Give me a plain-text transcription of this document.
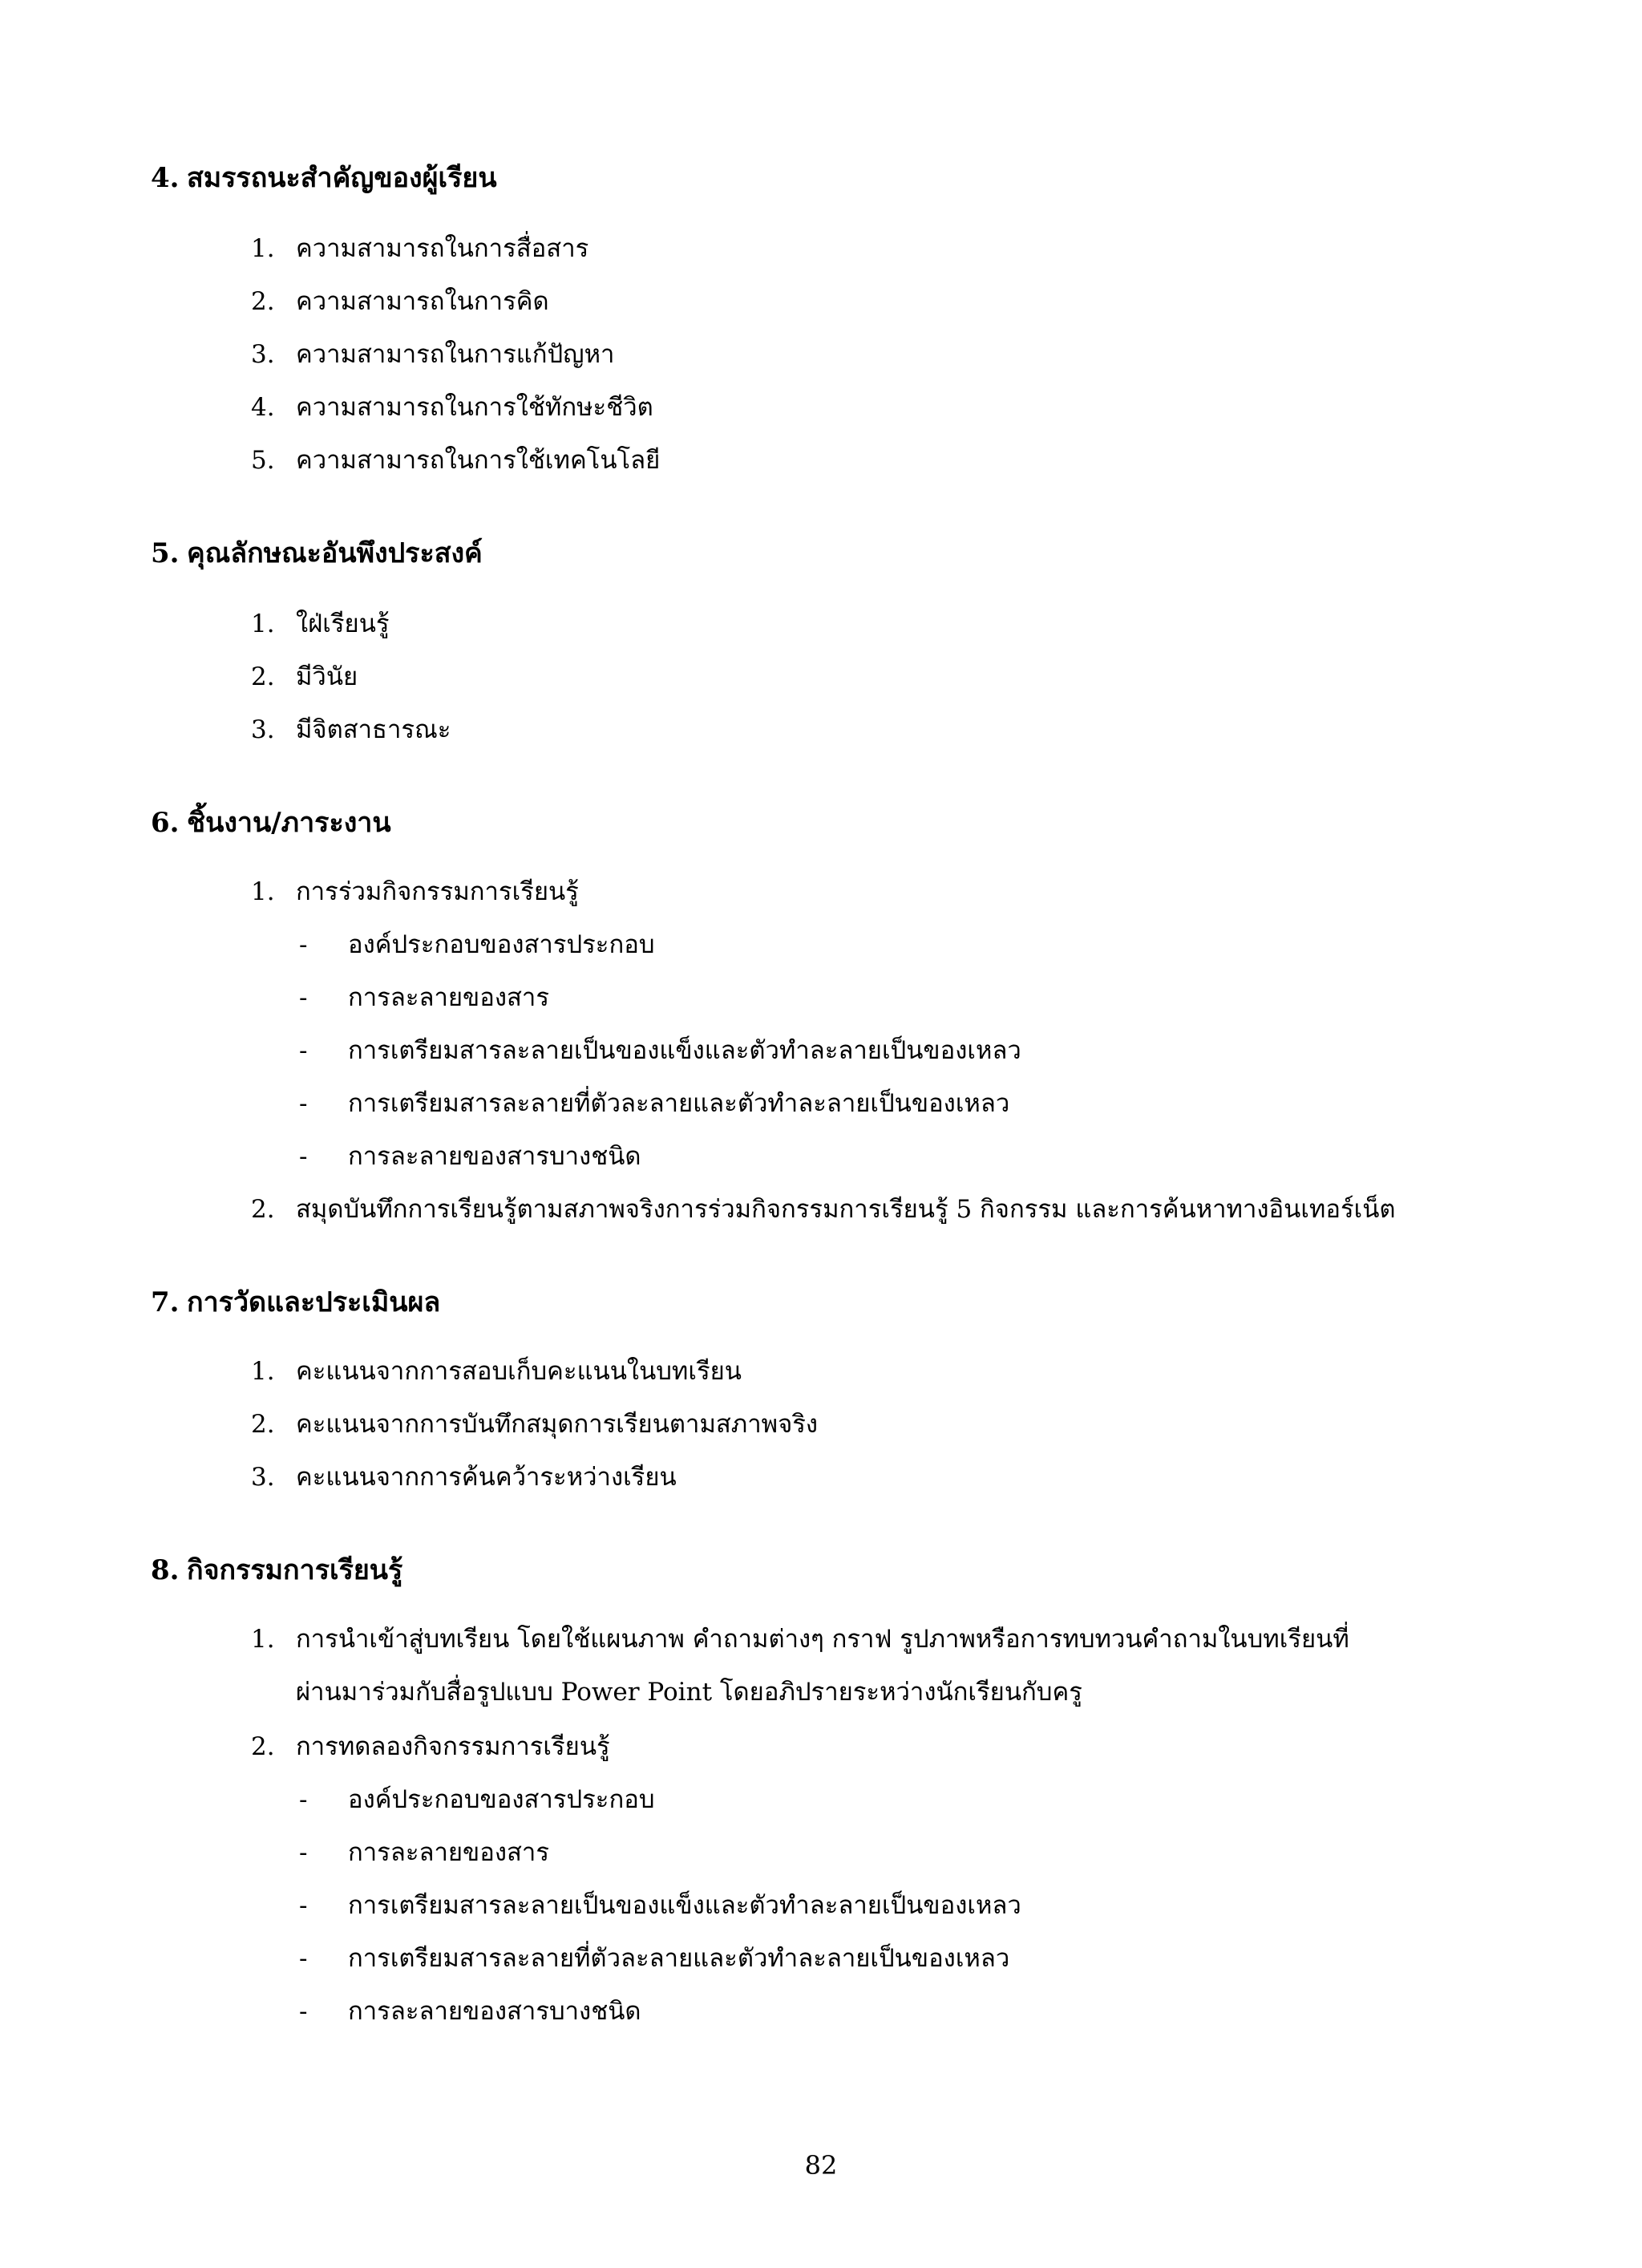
4. สมรรถนะสำคัญของผู้เรียน
1. ความสามารถในการสื่อสาร
2. ความสามารถในการคิด
3. ความสามารถในการแก้ปัญหา
4. ความสามารถในการใช้ทักษะชีวิต
5. ความสามารถในการใช้เทคโนโลยี
5. คุณลักษณะอันพึงประสงค์
1. ใฝ่เรียนรู้
2. มีวินัย
3. มีจิตสาธารณะ
6. ชิ้นงาน/ภาระงาน
1. การร่วมกิจกรรมการเรียนรู้
- องค์ประกอบของสารประกอบ
- การละลายของสาร
- การเตรียมสารละลายเป็นของแข็งและตัวทำละลายเป็นของเหลว
- การเตรียมสารละลายที่ตัวละลายและตัวทำละลายเป็นของเหลว
- การละลายของสารบางชนิด
2. สมุดบันทึกการเรียนรู้ตามสภาพจริงการร่วมกิจกรรมการเรียนรู้ 5 กิจกรรม และการค้นหาทางอินเทอร์เน็ต
7. การวัดและประเมินผล
1. คะแนนจากการสอบเก็บคะแนนในบทเรียน
2. คะแนนจากการบันทึกสมุดการเรียนตามสภาพจริง
3. คะแนนจากการค้นคว้าระหว่างเรียน
8. กิจกรรมการเรียนรู้
1. การนำเข้าสู่บทเรียน โดยใช้แผนภาพ คำถามต่างๆ กราฟ รูปภาพหรือการทบทวนคำถามในบทเรียนที่
ผ่านมาร่วมกับสื่อรูปแบบ Power Point โดยอภิปรายระหว่างนักเรียนกับครู
2. การทดลองกิจกรรมการเรียนรู้
- องค์ประกอบของสารประกอบ
- การละลายของสาร
- การเตรียมสารละลายเป็นของแข็งและตัวทำละลายเป็นของเหลว
- การเตรียมสารละลายที่ตัวละลายและตัวทำละลายเป็นของเหลว
- การละลายของสารบางชนิด
82
